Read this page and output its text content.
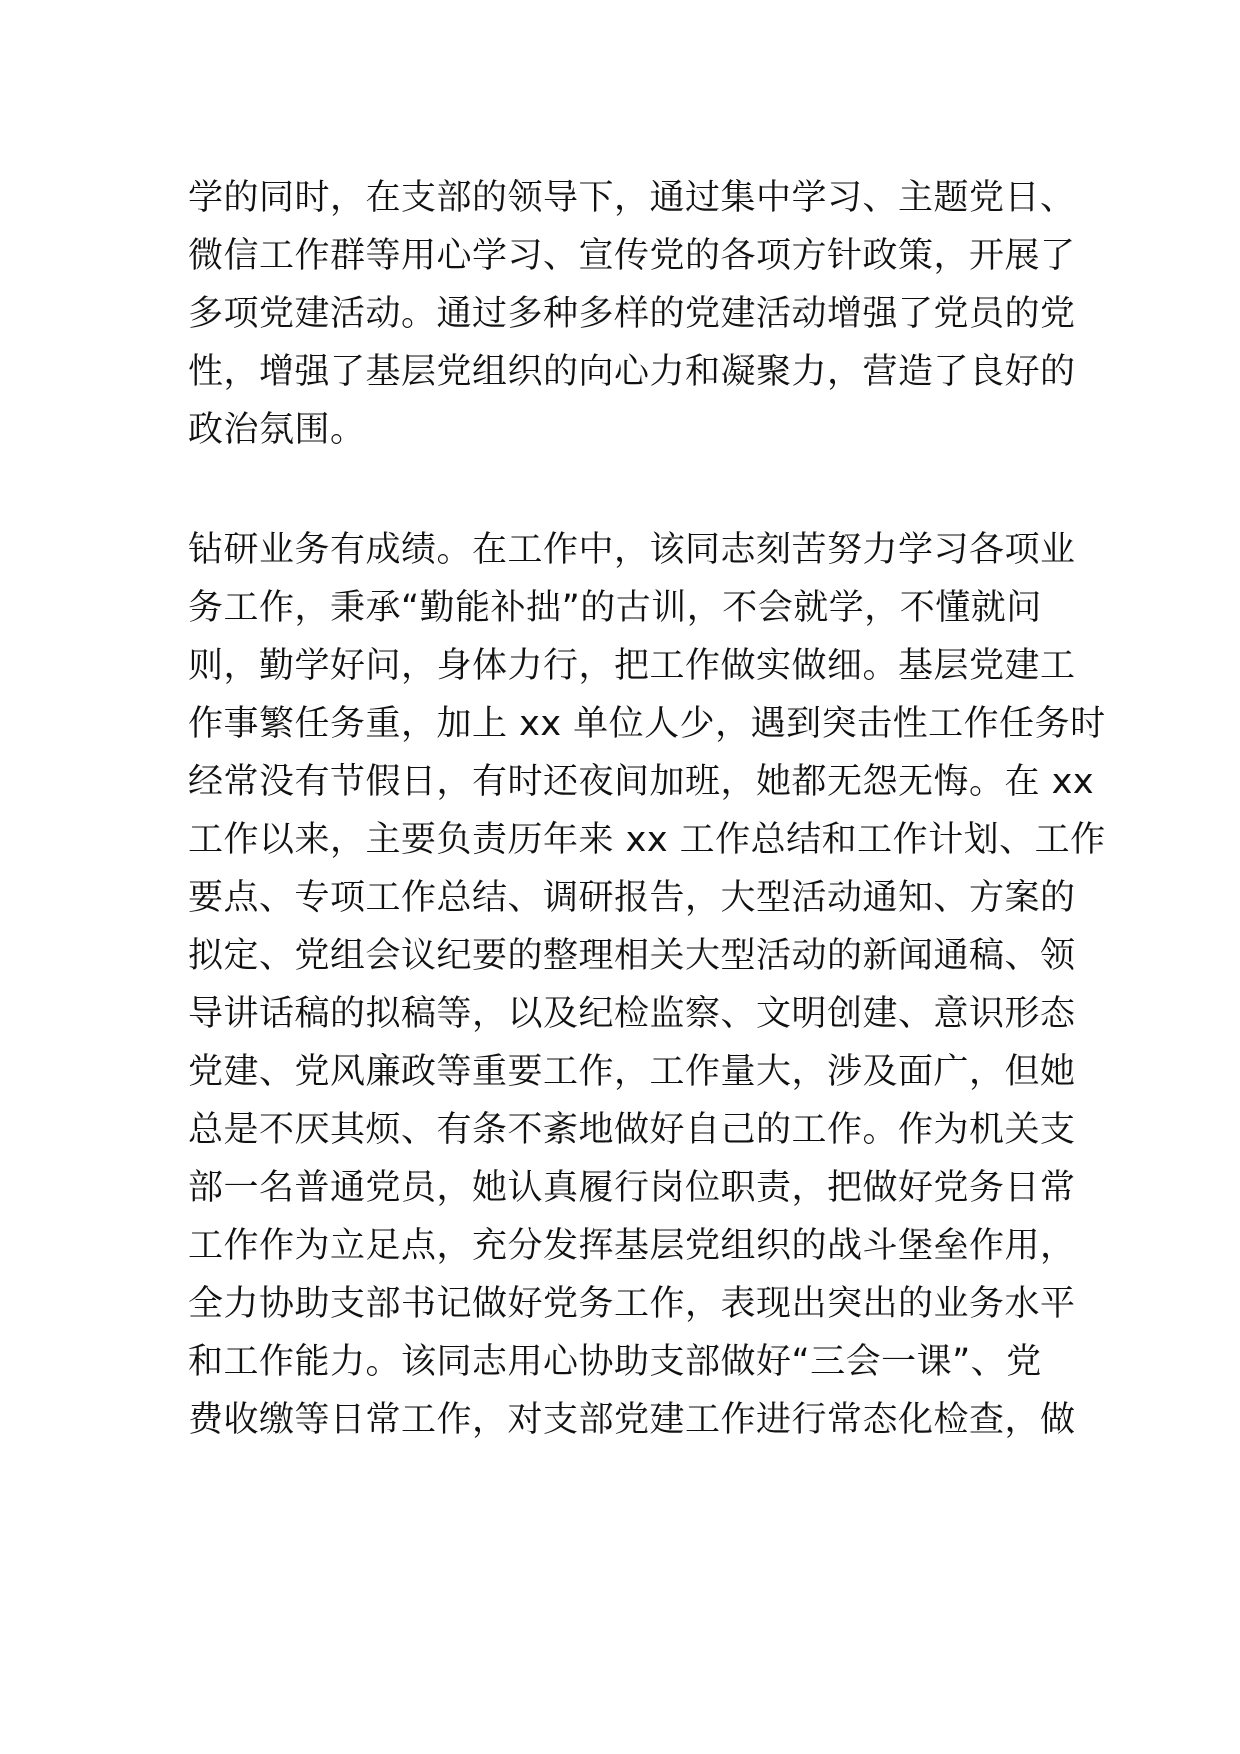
学的同时，在支部的领导下，通过集中学习、主题党日、
微信工作群等用心学习、宣传党的各项方针政策，开展了
多项党建活动。通过多种多样的党建活动增强了党员的党
性，增强了基层党组织的向心力和凝聚力，营造了良好的
政治氛围。
钻研业务有成绩。在工作中，该同志刻苦努力学习各项业
务工作，秉承“勤能补拙”的古训，不会就学，不懂就问
则，勤学好问，身体力行，把工作做实做细。基层党建工
作事繁任务重，加上 xx 单位人少，遇到突击性工作任务时
经常没有节假日，有时还夜间加班，她都无怨无悔。在 xx
工作以来，主要负责历年来 xx 工作总结和工作计划、工作
要点、专项工作总结、调研报告，大型活动通知、方案的
拟定、党组会议纪要的整理相关大型活动的新闻通稿、领
导讲话稿的拟稿等，以及纪检监察、文明创建、意识形态
党建、党风廉政等重要工作，工作量大，涉及面广，但她
总是不厌其烦、有条不紊地做好自己的工作。作为机关支
部一名普通党员，她认真履行岗位职责，把做好党务日常
工作作为立足点，充分发挥基层党组织的战斗堡垒作用，
全力协助支部书记做好党务工作，表现出突出的业务水平
和工作能力。该同志用心协助支部做好“三会一课”、党
费收缴等日常工作，对支部党建工作进行常态化检查，做
